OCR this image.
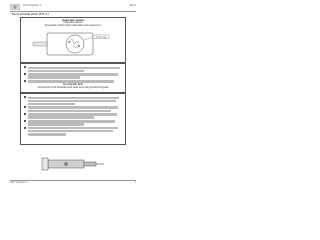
Fizik Tingkatan 4	Bab 4
Teori Kinetik Jirim (T.K.J.)
Pergerakan molekul
Pergerakan Brown
Pergerakan molekul boleh ditunjukkan oleh eksperimen
Zarah asap
Teori Kinetik Jirim
Semua jirim terdiri daripada zarah-zarah kecil yang sentiasa bergerak
Fizik Tingkatan 4 ...	1
